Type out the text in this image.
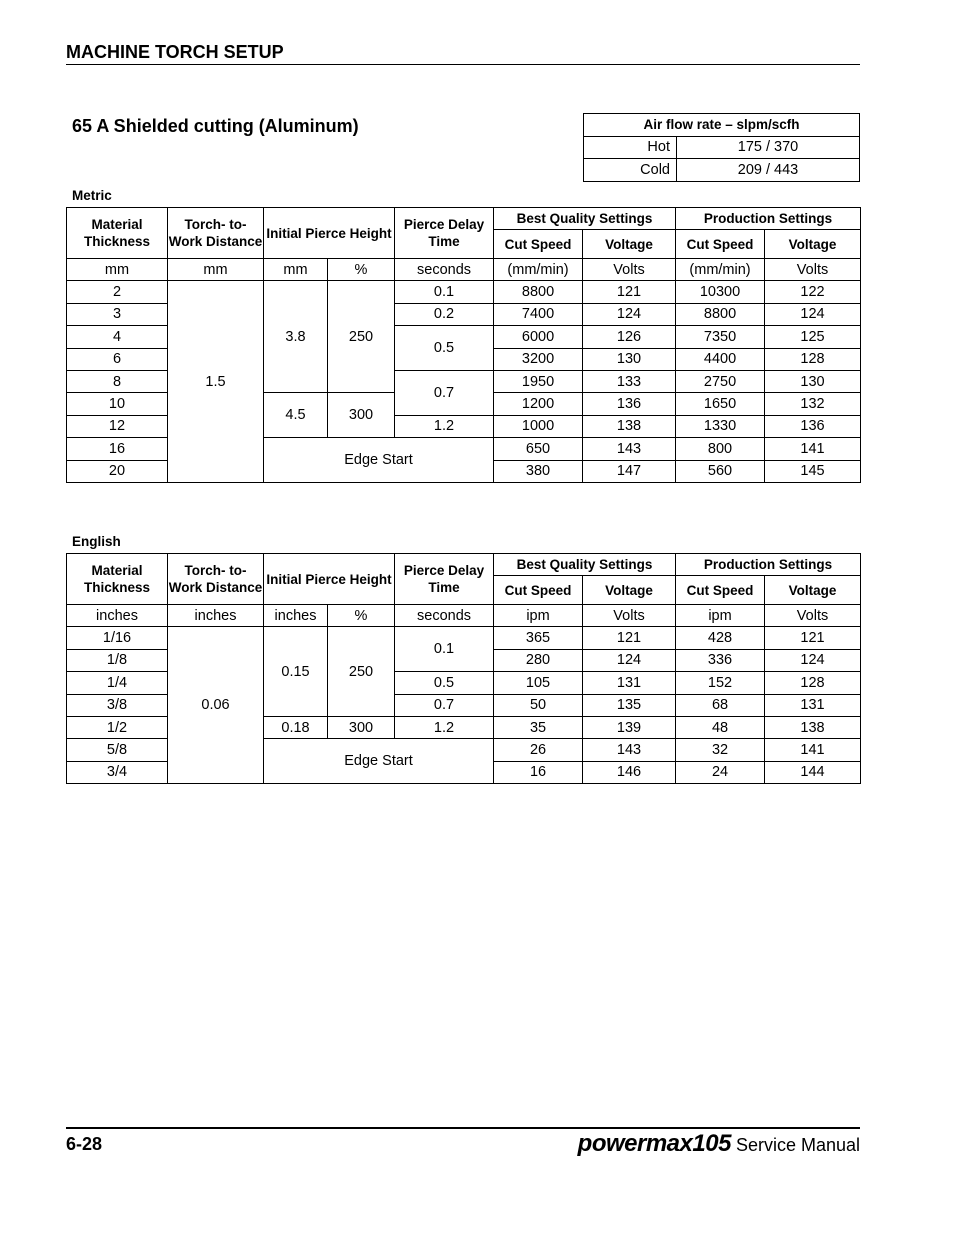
MACHINE TORCH SETUP
65 A Shielded cutting (Aluminum)	Air flow rate – slpm/scfh	
Hot	175 / 370
Cold	209 / 443
Metric
Material Thickness	Torch- to-Work Distance	Initial Pierce Height		Pierce Delay Time	Best Quality Settings		Production Settings	
					Cut Speed	Voltage	Cut Speed	Voltage
mm	mm	mm	%	seconds	(mm/min)	Volts	(mm/min)	Volts
2	1.5	3.8	250	0.1	8800	121	10300	122
3				0.2	7400	124	8800	124
4				0.5	6000	126	7350	125
6					3200	130	4400	128
8				0.7	1950	133	2750	130
10		4.5	300		1200	136	1650	132
12				1.2	1000	138	1330	136
16		Edge Start			650	143	800	141
20					380	147	560	145
English
Material Thickness	Torch- to-Work Distance	Initial Pierce Height		Pierce Delay Time	Best Quality Settings		Production Settings	
					Cut Speed	Voltage	Cut Speed	Voltage
inches	inches	inches	%	seconds	ipm	Volts	ipm	Volts
1/16	0.06	0.15	250	0.1	365	121	428	121
1/8					280	124	336	124
1/4				0.5	105	131	152	128
3/8				0.7	50	135	68	131
1/2		0.18	300	1.2	35	139	48	138
5/8		Edge Start			26	143	32	141
3/4					16	146	24	144
6-28	powermax105 Service Manual
